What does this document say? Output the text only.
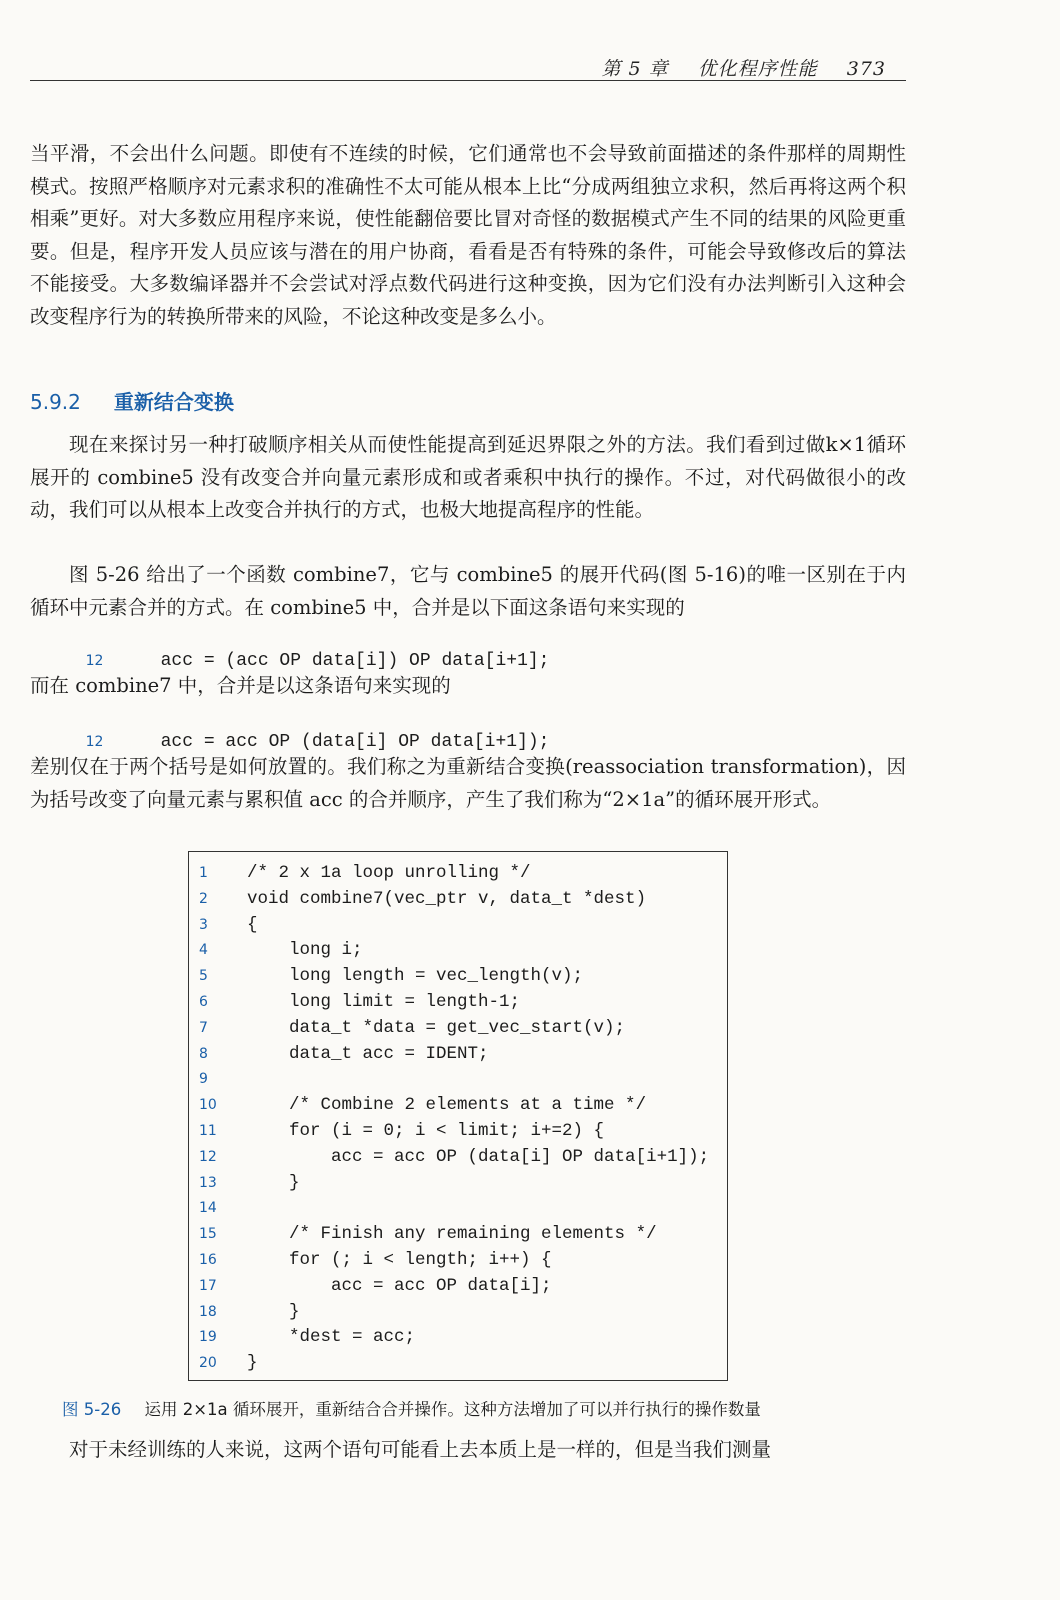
第 5 章 优化程序性能 373

当平滑，不会出什么问题。即使有不连续的时候，它们通常也不会导致前面描述的条件那样的周期性模式。按照严格顺序对元素求积的准确性不太可能从根本上比“分成两组独立求积，然后再将这两个积相乘”更好。对大多数应用程序来说，使性能翻倍要比冒对奇怪的数据模式产生不同的结果的风险更重要。但是，程序开发人员应该与潜在的用户协商，看看是否有特殊的条件，可能会导致修改后的算法不能接受。大多数编译器并不会尝试对浮点数代码进行这种变换，因为它们没有办法判断引入这种会改变程序行为的转换所带来的风险，不论这种改变是多么小。

5.9.2 重新结合变换

现在来探讨另一种打破顺序相关从而使性能提高到延迟界限之外的方法。我们看到过做k×1循环展开的 combine5 没有改变合并向量元素形成和或者乘积中执行的操作。不过，对代码做很小的改动，我们可以从根本上改变合并执行的方式，也极大地提高程序的性能。

图 5-26 给出了一个函数 combine7，它与 combine5 的展开代码(图 5-16)的唯一区别在于内循环中元素合并的方式。在 combine5 中，合并是以下面这条语句来实现的

12	acc = (acc OP data[i]) OP data[i+1];

而在 combine7 中，合并是以这条语句来实现的

12	acc = acc OP (data[i] OP data[i+1]);

差别仅在于两个括号是如何放置的。我们称之为重新结合变换(reassociation transformation)，因为括号改变了向量元素与累积值 acc 的合并顺序，产生了我们称为“2×1a”的循环展开形式。

1 /* 2 x 1a loop unrolling */
2 void combine7(vec_ptr v, data_t *dest)
3 {
4    long i;
5    long length = vec_length(v);
6    long limit = length-1;
7    data_t *data = get_vec_start(v);
8    data_t acc = IDENT;
9
10    /* Combine 2 elements at a time */
11    for (i = 0; i < limit; i+=2) {
12        acc = acc OP (data[i] OP data[i+1]);
13    }
14
15    /* Finish any remaining elements */
16    for (; i < length; i++) {
17        acc = acc OP data[i];
18    }
19    *dest = acc;
20 }
图 5-26 运用 2×1a 循环展开，重新结合合并操作。这种方法增加了可以并行执行的操作数量

对于未经训练的人来说，这两个语句可能看上去本质上是一样的，但是当我们测量
